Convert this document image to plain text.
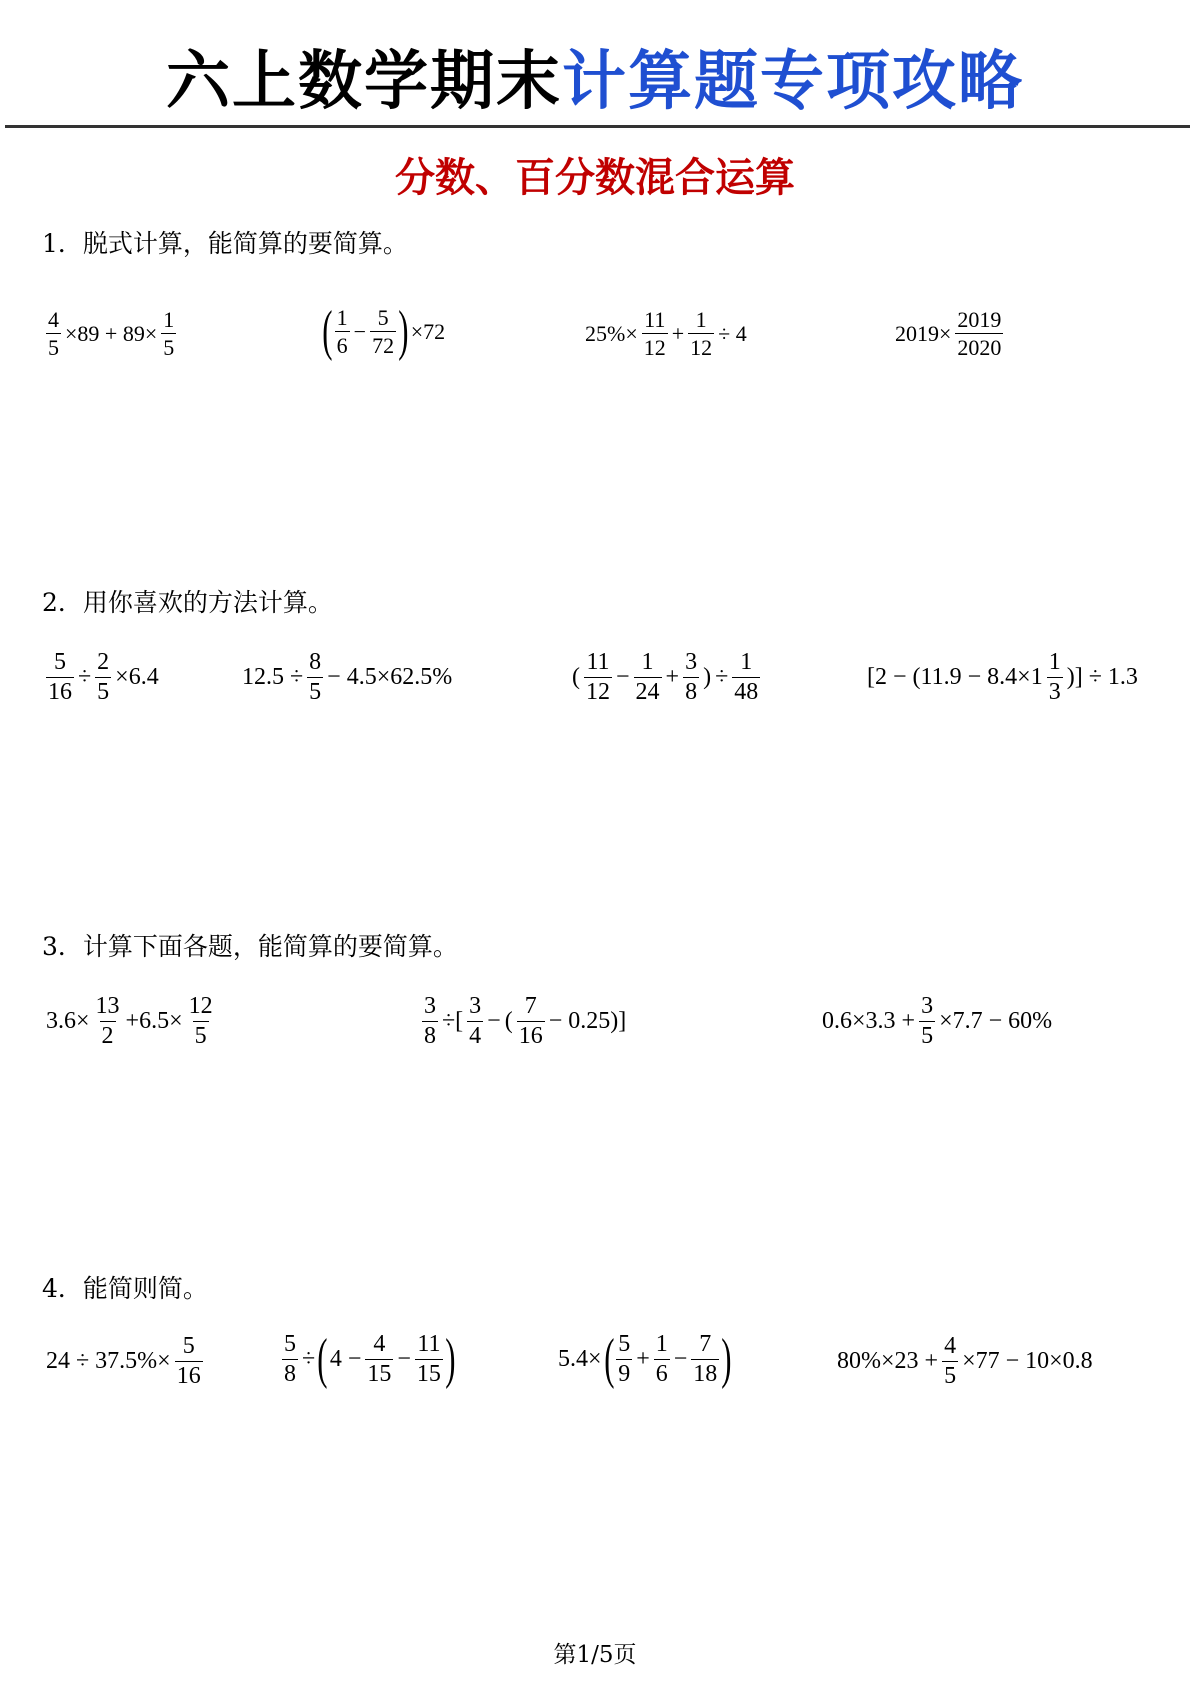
六上数学期末计算题专项攻略
分数、百分数混合运算
1．脱式计算，能简算的要简算。
$\frac{4}{5} \times 89 + 89\times \frac{1}{5}$	( $\frac{1}{6} - \frac{5}{72}$ ) ×72	$25\%\times \frac{11}{12} + \frac{1}{12} \div 4$	$2019\times \frac{2019}{2020}$
2．用你喜欢的方法计算。
$\frac{5}{16} \div \frac{2}{5} \times 6.4$	$12.5 \div \frac{8}{5} - 4.5\times 62.5\%$	( $\frac{11}{12} - \frac{1}{24} + \frac{3}{8}$ ) ÷ $\frac{1}{48}$	[$2 - (11.9 - 8.4\times 1 \frac{1}{3}$ )] ÷ 1.3
3．计算下面各题，能简算的要简算。
$3.6\times \frac{13}{2} +6.5\times \frac{12}{5}$	$\frac{3}{8}$ ÷[ $\frac{3}{4}$ − ( $\frac{7}{16} - 0.25$)]	$0.6\times 3.3 + \frac{3}{5} \times 7.7 - 60\%$
4．能简则简。
$24 \div 37.5\%\times \frac{5}{16}$	$\frac{5}{8}$ ÷ ( $4 - \frac{4}{15} - \frac{11}{15}$ )	5.4× ( $\frac{5}{9} + \frac{1}{6} - \frac{7}{18}$ )	$80\%\times 23 + \frac{4}{5} \times 77 - 10\times 0.8$
第1/5页
